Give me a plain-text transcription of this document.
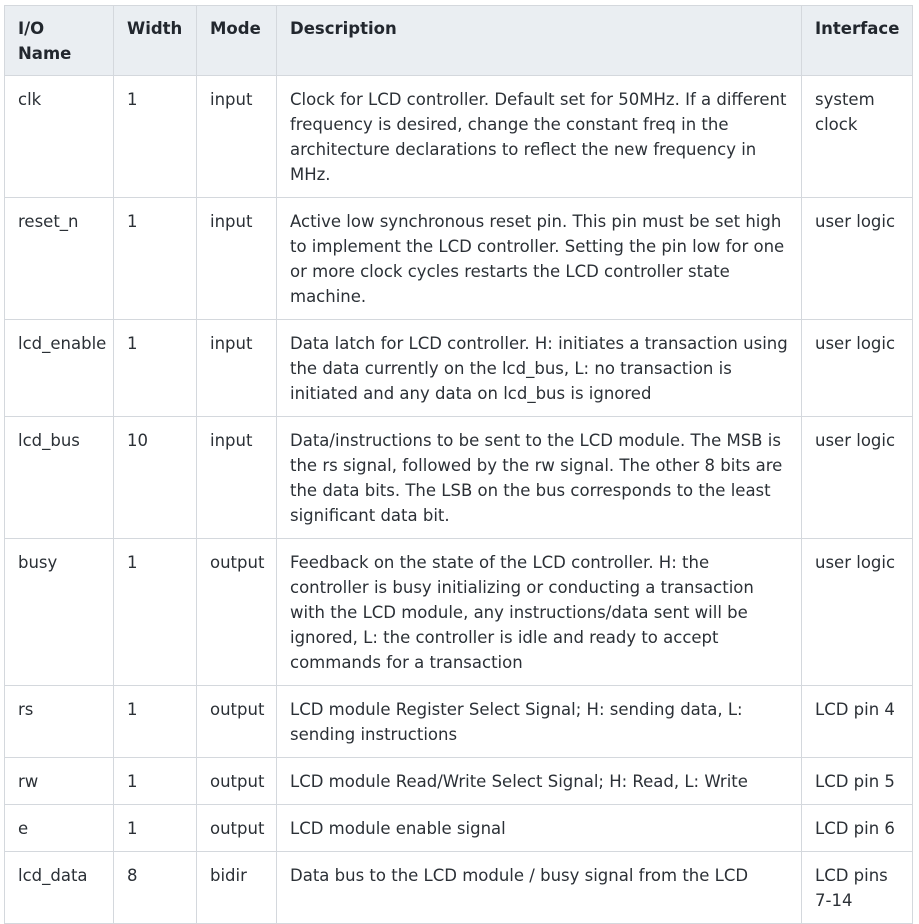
I/O Name	Width	Mode	Description	Interface
clk	1	input	Clock for LCD controller. Default set for 50MHz. If a different frequency is desired, change the constant freq in the architecture declarations to reflect the new frequency in MHz.	system clock
reset_n	1	input	Active low synchronous reset pin. This pin must be set high to implement the LCD controller. Setting the pin low for one or more clock cycles restarts the LCD controller state machine.	user logic
lcd_enable	1	input	Data latch for LCD controller. H: initiates a transaction using the data currently on the lcd_bus, L: no transaction is initiated and any data on lcd_bus is ignored	user logic
lcd_bus	10	input	Data/instructions to be sent to the LCD module. The MSB is the rs signal, followed by the rw signal. The other 8 bits are the data bits. The LSB on the bus corresponds to the least significant data bit.	user logic
busy	1	output	Feedback on the state of the LCD controller. H: the controller is busy initializing or conducting a transaction with the LCD module, any instructions/data sent will be ignored, L: the controller is idle and ready to accept commands for a transaction	user logic
rs	1	output	LCD module Register Select Signal; H: sending data, L: sending instructions	LCD pin 4
rw	1	output	LCD module Read/Write Select Signal; H: Read, L: Write	LCD pin 5
e	1	output	LCD module enable signal	LCD pin 6
lcd_data	8	bidir	Data bus to the LCD module / busy signal from the LCD	LCD pins 7-14
